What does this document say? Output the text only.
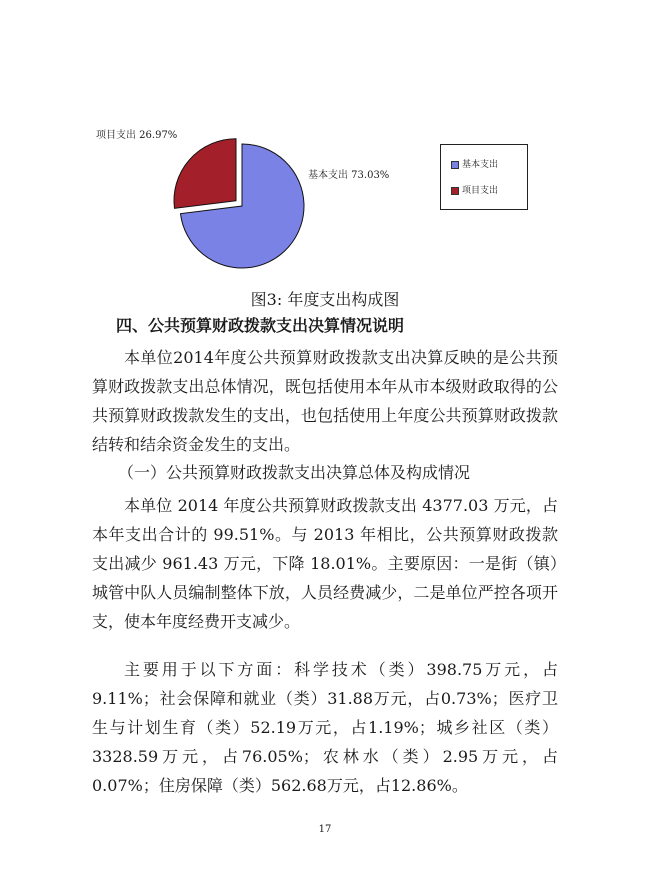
项目支出 26.97%
基本支出 73.03%
基本支出
项目支出
图3: 年度支出构成图
四、公共预算财政拨款支出决算情况说明
本单位2014年度公共预算财政拨款支出决算反映的是公共预算财政拨款支出总体情况，既包括使用本年从市本级财政取得的公共预算财政拨款发生的支出，也包括使用上年度公共预算财政拨款结转和结余资金发生的支出。
（一）公共预算财政拨款支出决算总体及构成情况
本单位 2014 年度公共预算财政拨款支出 4377.03 万元，占本年支出合计的 99.51%。与 2013 年相比，公共预算财政拨款支出减少 961.43 万元，下降 18.01%。主要原因：一是街（镇）城管中队人员编制整体下放，人员经费减少，二是单位严控各项开支，使本年度经费开支减少。
主要用于以下方面：科学技术（类）398.75万元，占9.11%；社会保障和就业（类）31.88万元，占0.73%；医疗卫生与计划生育（类）52.19万元，占1.19%；城乡社区（类）3328.59万元，占76.05%；农林水（类）2.95万元，占0.07%；住房保障（类）562.68万元，占12.86%。
17
